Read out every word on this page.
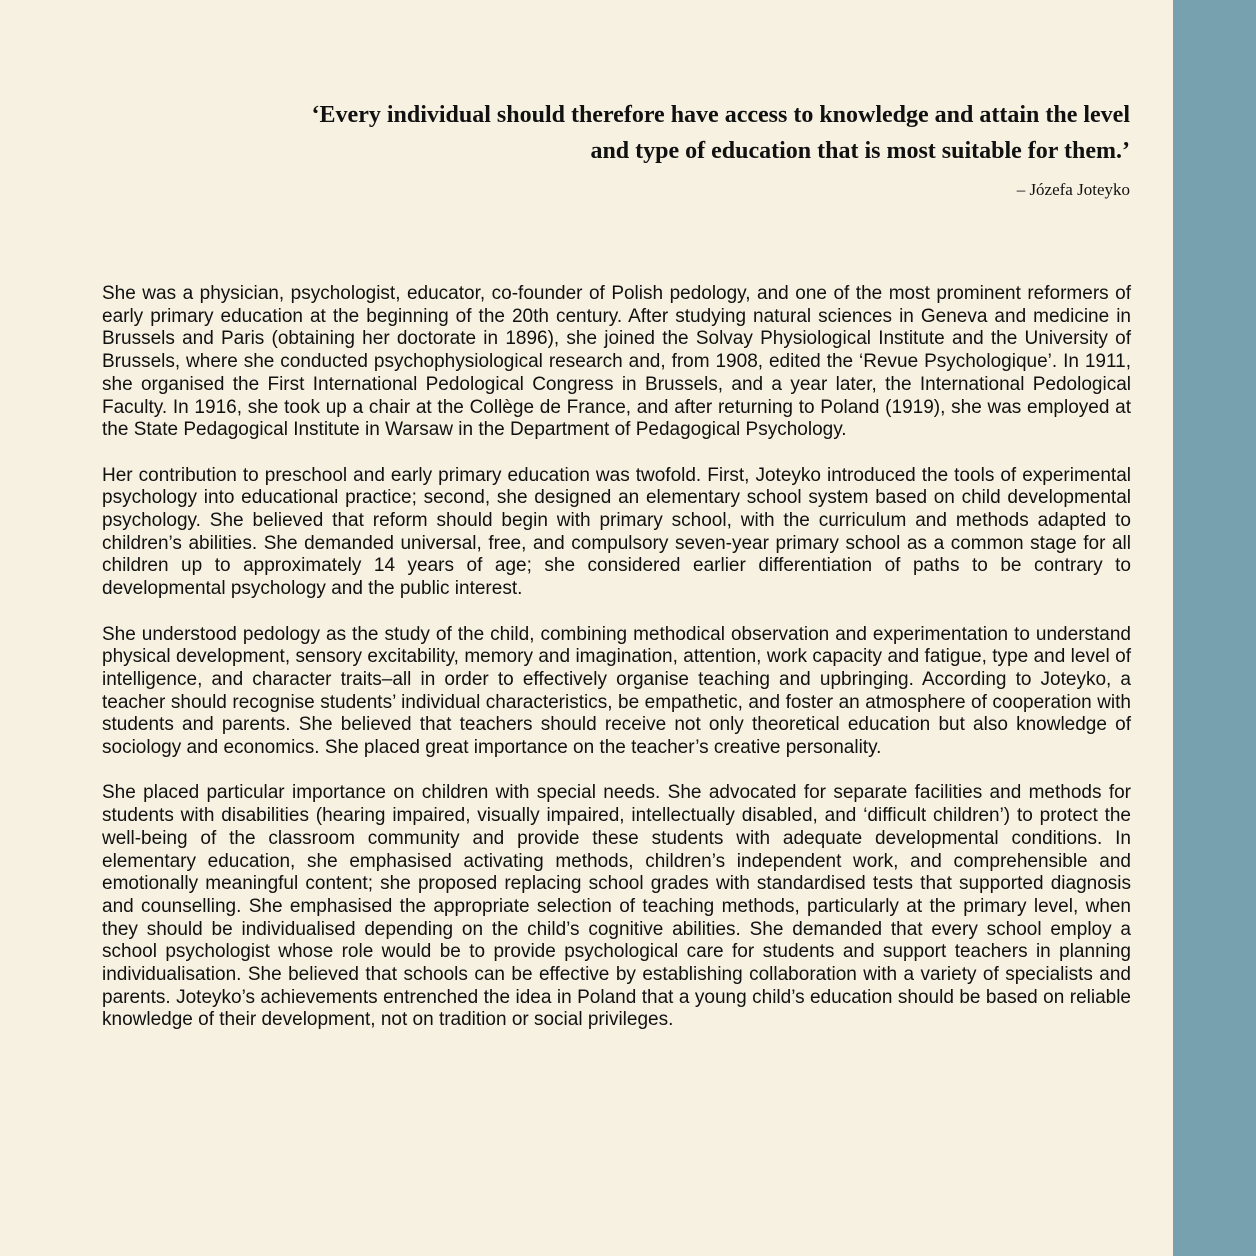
‘Every individual should therefore have access to knowledge and attain the level

and type of education that is most suitable for them.’

– Józefa Joteyko

She was a physician, psychologist, educator, co-founder of Polish pedology, and one of the most prominent reformers of early primary education at the beginning of the 20th century. After studying natural sciences in Geneva and medicine in Brussels and Paris (obtaining her doctorate in 1896), she joined the Solvay Physiological Institute and the University of Brussels, where she conducted psychophysiological research and, from 1908, edited the ‘Revue Psychologique’. In 1911, she organised the First International Pedological Congress in Brussels, and a year later, the International Pedological Faculty. In 1916, she took up a chair at the Collège de France, and after returning to Poland (1919), she was employed at the State Pedagogical Institute in Warsaw in the Department of Pedagogical Psychology.

Her contribution to preschool and early primary education was twofold. First, Joteyko introduced the tools of experimental psychology into educational practice; second, she designed an elementary school system based on child developmental psychology. She believed that reform should begin with primary school, with the curriculum and methods adapted to children’s abilities. She demanded universal, free, and compulsory seven-year primary school as a common stage for all children up to approximately 14 years of age; she considered earlier differentiation of paths to be contrary to developmental psychology and the public interest.

She understood pedology as the study of the child, combining methodical observation and experimentation to understand physical development, sensory excitability, memory and imagination, attention, work capacity and fatigue, type and level of intelligence, and character traits–all in order to effectively organise teaching and upbringing. According to Joteyko, a teacher should recognise students’ individual characteristics, be empathetic, and foster an atmosphere of cooperation with students and parents. She believed that teachers should receive not only theoretical education but also knowledge of sociology and economics. She placed great importance on the teacher’s creative personality.

She placed particular importance on children with special needs. She advocated for separate facilities and methods for students with disabilities (hearing impaired, visually impaired, intellectually disabled, and ‘difficult children’) to protect the well-being of the classroom community and provide these students with adequate developmental conditions. In elementary education, she emphasised activating methods, children’s independent work, and comprehensible and emotionally meaningful content; she proposed replacing school grades with standardised tests that supported diagnosis and counselling. She emphasised the appropriate selection of teaching methods, particularly at the primary level, when they should be individualised depending on the child’s cognitive abilities. She demanded that every school employ a school psychologist whose role would be to provide psychological care for students and support teachers in planning individualisation. She believed that schools can be effective by establishing collaboration with a variety of specialists and parents. Joteyko’s achievements entrenched the idea in Poland that a young child’s education should be based on reliable knowledge of their development, not on tradition or social privileges.
